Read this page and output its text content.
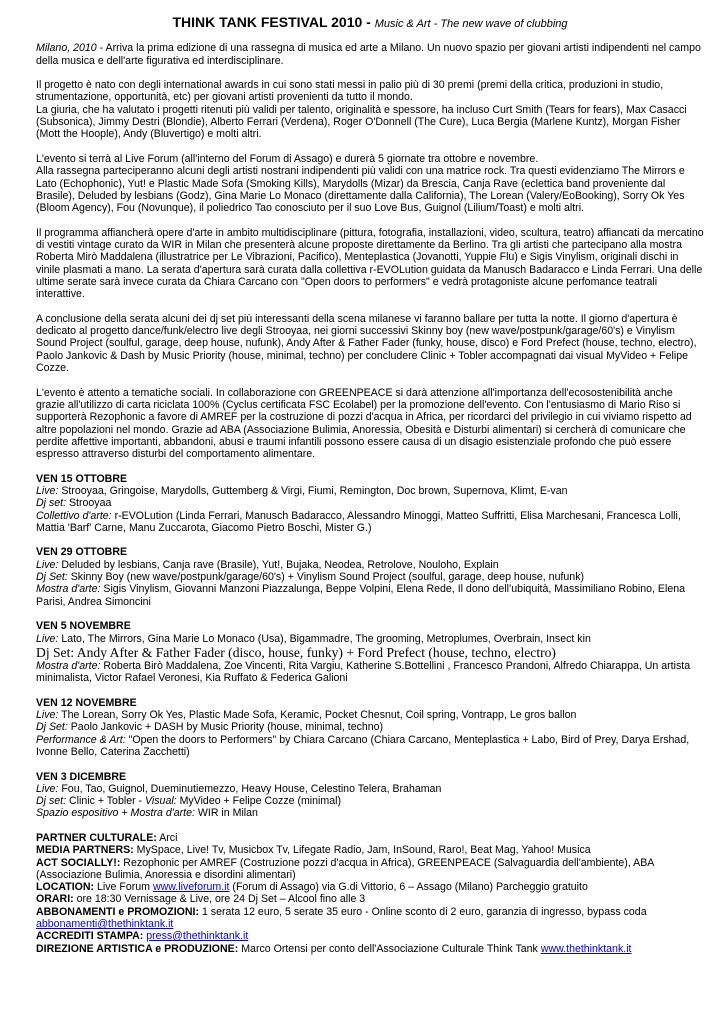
THINK TANK FESTIVAL 2010 - Music & Art - The new wave of clubbing

Milano, 2010 - Arriva la prima edizione di una rassegna di musica ed arte a Milano. Un nuovo spazio per giovani artisti indipendenti nel campo della musica e dell'arte figurativa ed interdisciplinare.

Il progetto è nato con degli international awards in cui sono stati messi in palio più di 30 premi (premi della critica, produzioni in studio, strumentazione, opportunità, etc) per giovani artisti provenienti da tutto il mondo.
La giuria, che ha valutato i progetti ritenuti più validi per talento, originalità e spessore, ha incluso Curt Smith (Tears for fears), Max Casacci (Subsonica), Jimmy Destri (Blondie), Alberto Ferrari (Verdena), Roger O'Donnell (The Cure), Luca Bergia (Marlene Kuntz), Morgan Fisher (Mott the Hoople), Andy (Bluvertigo) e molti altri.
L'evento si terrà al Live Forum (all'interno del Forum di Assago) e durerà 5 giornate tra ottobre e novembre.
Alla rassegna parteciperanno alcuni degli artisti nostrani indipendenti più validi con una matrice rock. Tra questi evidenziamo The Mirrors e Lato (Echophonic), Yut! e Plastic Made Sofa (Smoking Kills), Marydolls (Mizar) da Brescia, Canja Rave (eclettica band proveniente dal Brasile), Deluded by lesbians (Godz), Gina Marie Lo Monaco (direttamente dalla California), The Lorean (Valery/EoBooking), Sorry Ok Yes (Bloom Agency), Fou (Novunque), il poliedrico Tao conosciuto per il suo Love Bus, Guignol (Lilium/Toast) e molti altri.

Il programma affiancherà opere d'arte in ambito multidisciplinare (pittura, fotografia, installazioni, video, scultura, teatro) affiancati da mercatino di vestiti vintage curato da WIR in Milan che presenterà alcune proposte direttamente da Berlino. Tra gli artisti che partecipano alla mostra Roberta Mirò Maddalena (illustratrice per Le Vibrazioni, Pacifico), Menteplastica (Jovanotti, Yuppie Flu) e Sigis Vinylism, originali dischi in vinile plasmati a mano. La serata d'apertura sarà curata dalla collettiva r-EVOLution guidata da Manusch Badaracco e Linda Ferrari. Una delle ultime serate sarà invece curata da Chiara Carcano con "Open doors to performers" e vedrà protagoniste alcune perfomance teatrali interattive.

A conclusione della serata alcuni dei dj set più interessanti della scena milanese vi faranno ballare per tutta la notte. Il giorno d'apertura è dedicato al progetto dance/funk/electro live degli Strooyaa, nei giorni successivi Skinny boy (new wave/postpunk/garage/60's) e Vinylism Sound Project (soulful, garage, deep house, nufunk), Andy After & Father Fader (funky, house, disco) e Ford Prefect (house, techno, electro), Paolo Jankovic & Dash by Music Priority (house, minimal, techno) per concludere Clinic + Tobler accompagnati dai visual MyVideo + Felipe Cozze.

L'evento è attento a tematiche sociali. In collaborazione con GREENPEACE si darà attenzione all'importanza dell'ecosostenibilità anche grazie all'utilizzo di carta riciclata 100% (Cyclus certificata FSC Ecolabel) per la promozione dell'evento. Con l'entusiasmo di Mario Riso si supporterà Rezophonic a favore di AMREF per la costruzione di pozzi d'acqua in Africa, per ricordarci del privilegio in cui viviamo rispetto ad altre popolazioni nel mondo. Grazie ad ABA (Associazione Bulimia, Anoressia, Obesità e Disturbi alimentari) si cercherà di comunicare che perdite affettive importanti, abbandoni, abusi e traumi infantili possono essere causa di un disagio esistenziale profondo che può essere espresso attraverso disturbi del comportamento alimentare.

VEN 15 OTTOBRE
Live: Strooyaa, Gringoise, Marydolls, Guttemberg & Virgi, Fiumi, Remington, Doc brown, Supernova, Klimt, E-van
Dj set: Strooyaa
Collettivo d'arte: r-EVOLution (Linda Ferrari, Manusch Badaracco, Alessandro Minoggi, Matteo Suffritti, Elisa Marchesani, Francesca Lolli, Mattia 'Barf' Carne, Manu Zuccarota, Giacomo Pietro Boschi, Mister G.)
VEN 29 OTTOBRE
Live: Deluded by lesbians, Canja rave (Brasile), Yut!, Bujaka, Neodea, Retrolove, Nouloho, Explain
Dj Set: Skinny Boy (new wave/postpunk/garage/60's) + Vinylism Sound Project (soulful, garage, deep house, nufunk)
Mostra d'arte: Sigis Vinylism, Giovanni Manzoni Piazzalunga, Beppe Volpini, Elena Rede, Il dono dell’ubiquità, Massimiliano Robino, Elena Parisi, Andrea Simoncini
VEN 5 NOVEMBRE
Live: Lato, The Mirrors, Gina Marie Lo Monaco (Usa), Bigammadre, The grooming, Metroplumes, Overbrain, Insect kin
Dj Set: Andy After & Father Fader (disco, house, funky) + Ford Prefect (house, techno, electro)
Mostra d'arte: Roberta Birò Maddalena, Zoe Vincenti, Rita Vargiu, Katherine S.Bottellini , Francesco Prandoni, Alfredo Chiarappa, Un artista minimalista, Victor Rafael Veronesi, Kia Ruffato & Federica Galioni
VEN 12 NOVEMBRE
Live: The Lorean, Sorry Ok Yes, Plastic Made Sofa, Keramic, Pocket Chesnut, Coil spring, Vontrapp, Le gros ballon
Dj Set: Paolo Jankovic + DASH by Music Priority (house, minimal, techno)
Performance & Art: "Open the doors to Performers" by Chiara Carcano (Chiara Carcano, Menteplastica + Labo, Bird of Prey, Darya Ershad, Ivonne Bello, Caterina Zacchetti)
VEN 3 DICEMBRE
Live: Fou, Tao, Guignol, Dueminutiemezzo, Heavy House, Celestino Telera, Brahaman
Dj set: Clinic + Tobler - Visual: MyVideo + Felipe Cozze (minimal)
Spazio espositivo + Mostra d'arte: WIR in Milan
PARTNER CULTURALE: Arci
MEDIA PARTNERS: MySpace, Live! Tv, Musicbox Tv, Lifegate Radio, Jam, InSound, Raro!, Beat Mag, Yahoo! Musica
ACT SOCIALLY!: Rezophonic per AMREF (Costruzione pozzi d'acqua in Africa), GREENPEACE (Salvaguardia dell'ambiente), ABA (Associazione Bulimia, Anoressia e disordini alimentari)
LOCATION: Live Forum www.liveforum.it (Forum di Assago) via G.di Vittorio, 6 – Assago (Milano) Parcheggio gratuito
ORARI: ore 18:30 Vernissage & Live, ore 24 Dj Set – Alcool fino alle 3
ABBONAMENTI e PROMOZIONI: 1 serata 12 euro, 5 serate 35 euro - Online sconto di 2 euro, garanzia di ingresso, bypass coda
abbonamenti@thethinktank.it
ACCREDITI STAMPA: press@thethinktank.it
DIREZIONE ARTISTICA e PRODUZIONE: Marco Ortensi per conto dell'Associazione Culturale Think Tank www.thethinktank.it
